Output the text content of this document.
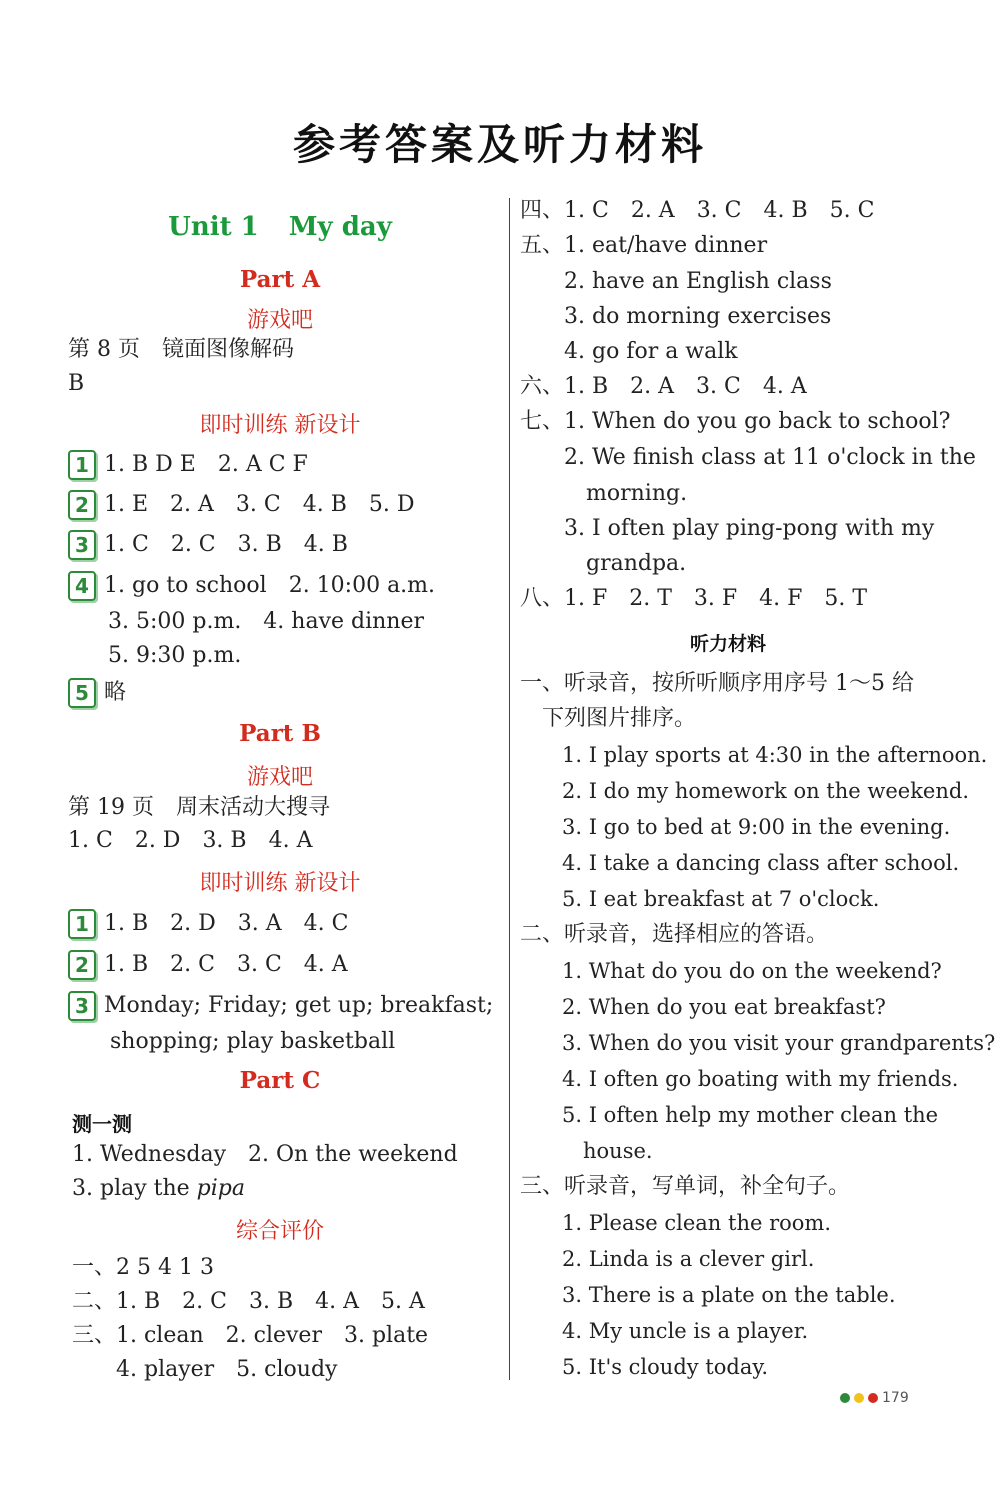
参考答案及听力材料
Unit 1 My day
Part A
游戏吧
第 8 页　镜面图像解码
B
即时训练 新设计
1 1. B D E　2. A C F
2 1. E　2. A　3. C　4. B　5. D
3 1. C　2. C　3. B　4. B
4 1. go to school　2. 10:00 a.m.
3. 5:00 p.m.　4. have dinner
5. 9:30 p.m.
5 略
Part B
游戏吧
第 19 页　周末活动大搜寻
1. C　2. D　3. B　4. A
即时训练 新设计
1 1. B　2. D　3. A　4. C
2 1. B　2. C　3. C　4. A
3 Monday; Friday; get up; breakfast;
shopping; play basketball
Part C
测一测
1. Wednesday　2. On the weekend
3. play the pipa
综合评价
一、2 5 4 1 3
二、1. B　2. C　3. B　4. A　5. A
三、1. clean　2. clever　3. plate
　　4. player　5. cloudy
四、1. C　2. A　3. C　4. B　5. C
五、1. eat/have dinner
　　2. have an English class
　　3. do morning exercises
　　4. go for a walk
六、1. B　2. A　3. C　4. A
七、1. When do you go back to school?
　　2. We finish class at 11 o'clock in the
　　　morning.
　　3. I often play ping-pong with my
　　　grandpa.
八、1. F　2. T　3. F　4. F　5. T
听力材料
一、听录音，按所听顺序用序号 1～5 给
　下列图片排序。
　　1. I play sports at 4:30 in the afternoon.
　　2. I do my homework on the weekend.
　　3. I go to bed at 9:00 in the evening.
　　4. I take a dancing class after school.
　　5. I eat breakfast at 7 o'clock.
二、听录音，选择相应的答语。
　　1. What do you do on the weekend?
　　2. When do you eat breakfast?
　　3. When do you visit your grandparents?
　　4. I often go boating with my friends.
　　5. I often help my mother clean the
　　　house.
三、听录音，写单词，补全句子。
　　1. Please clean the room.
　　2. Linda is a clever girl.
　　3. There is a plate on the table.
　　4. My uncle is a player.
　　5. It's cloudy today.
179
